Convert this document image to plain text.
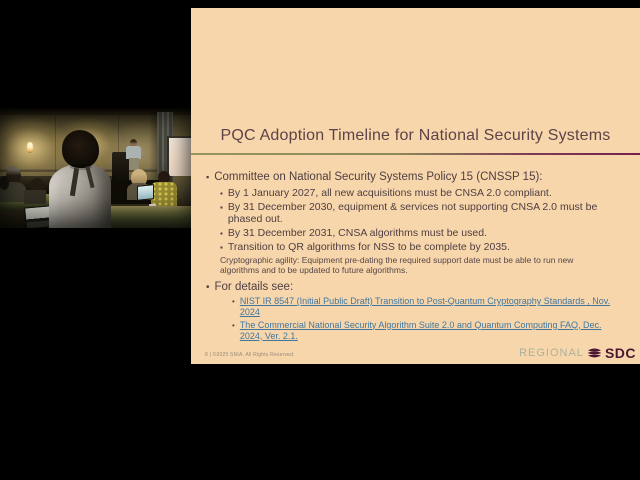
PQC Adoption Timeline for National Security Systems
▪ Committee on National Security Systems Policy 15 (CNSSP 15):
▪ By 1 January 2027, all new acquisitions must be CNSA 2.0 compliant.
▪ By 31 December 2030, equipment & services not supporting CNSA 2.0 must be phased out.
▪ By 31 December 2031, CNSA algorithms must be used.
▪ Transition to QR algorithms for NSS to be complete by 2035.
Cryptographic agility: Equipment pre-dating the required support date must be able to run new algorithms and to be updated to future algorithms.
• For details see:
• NIST IR 8547 (Initial Public Draft) Transition to Post-Quantum Cryptography Standards , Nov. 2024
• The Commercial National Security Algorithm Suite 2.0 and Quantum Computing FAQ, Dec. 2024, Ver. 2.1.
8 | ©2025 SNIA. All Rights Reserved.	REGIONAL SDC
